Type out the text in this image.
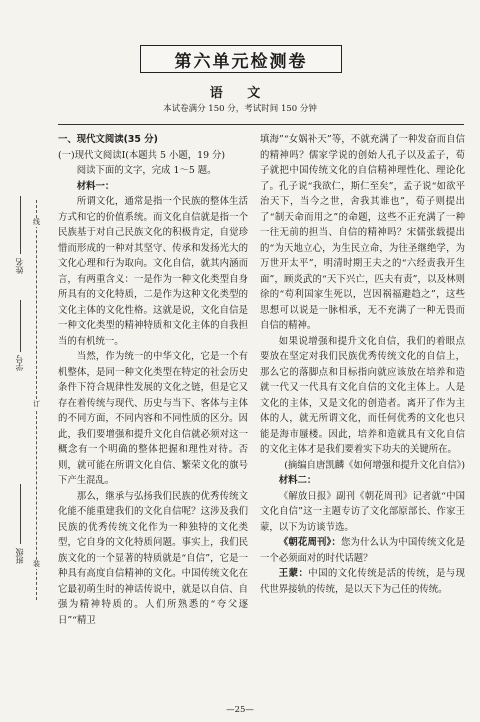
第六单元检测卷
语 文
本试卷满分 150 分，考试时间 150 分钟
线
订
装
姓名
学号
班级

一、现代文阅读(35 分)

(一)现代文阅读Ⅰ(本题共 5 小题，19 分)

阅读下面的文字，完成 1～5 题。

材料一：

所谓文化，通常是指一个民族的整体生活方式和它的价值系统。而文化自信就是指一个民族基于对自己民族文化的积极肯定，自觉珍惜而形成的一种对其坚守、传承和发扬光大的文化心理和行为取向。文化自信，就其内涵而言，有两重含义：一是作为一种文化类型自身所具有的文化特质，二是作为这种文化类型的文化主体的文化性格。这就是说，文化自信是一种文化类型的精神特质和文化主体的自我担当的有机统一。

当然，作为统一的中华文化，它是一个有机整体，是同一种文化类型在特定的社会历史条件下符合规律性发展的文化之链，但是它又存在着传统与现代、历史与当下、客体与主体的不同方面，不同内容和不同性质的区分。因此，我们要增强和提升文化自信就必须对这一概念有一个明确的整体把握和理性对待。否则，就可能在所谓文化自信、繁荣文化的旗号下产生混乱。

那么，继承与弘扬我们民族的优秀传统文化能不能重建我们的文化自信呢？这涉及我们民族的优秀传统文化作为一种独特的文化类型，它自身的文化特质问题。事实上，我们民族文化的一个显著的特质就是“自信”，它是一种具有高度自信精神的文化。中国传统文化在它最初萌生时的神话传说中，就是以自信、自强为精神特质的。人们所熟悉的“夸父逐日”“精卫

填海”“女娲补天”等，不就充满了一种发奋而自信的精神吗？儒家学说的创始人孔子以及孟子，荀子就把中国传统文化的自信精神理性化、理论化了。孔子说“我欲仁，斯仁至矣”，孟子说“如欲平治天下，当今之世，舍我其谁也”，荀子则提出了“制天命而用之”的命题，这些不正充满了一种一往无前的担当、自信的精神吗？宋儒张载提出的“为天地立心，为生民立命，为往圣继绝学，为万世开太平”，明清时期王夫之的“六经责我开生面”，顾炎武的“天下兴亡，匹夫有责”，以及林则徐的“苟利国家生死以，岂因祸福避趋之”，这些思想可以说是一脉相承，无不充满了一种无畏而自信的精神。

如果说增强和提升文化自信，我们的着眼点要放在坚定对我们民族优秀传统文化的自信上，那么它的落脚点和目标指向就应该放在培养和造就一代又一代具有文化自信的文化主体上。人是文化的主体，又是文化的创造者。离开了作为主体的人，就无所谓文化，而任何优秀的文化也只能是海市蜃楼。因此，培养和造就具有文化自信的文化主体才是我们要着实下功夫的关键所在。

(摘编自唐凯麟《如何增强和提升文化自信》)

材料二：

《解放日报》副刊《朝花周刊》记者就“中国文化自信”这一主题专访了文化部原部长、作家王蒙，以下为访谈节选。

《朝花周刊》：您为什么认为中国传统文化是一个必须面对的时代话题？

王蒙：中国的文化传统是活的传统，是与现代世界接轨的传统，是以天下为己任的传统。

—25—
